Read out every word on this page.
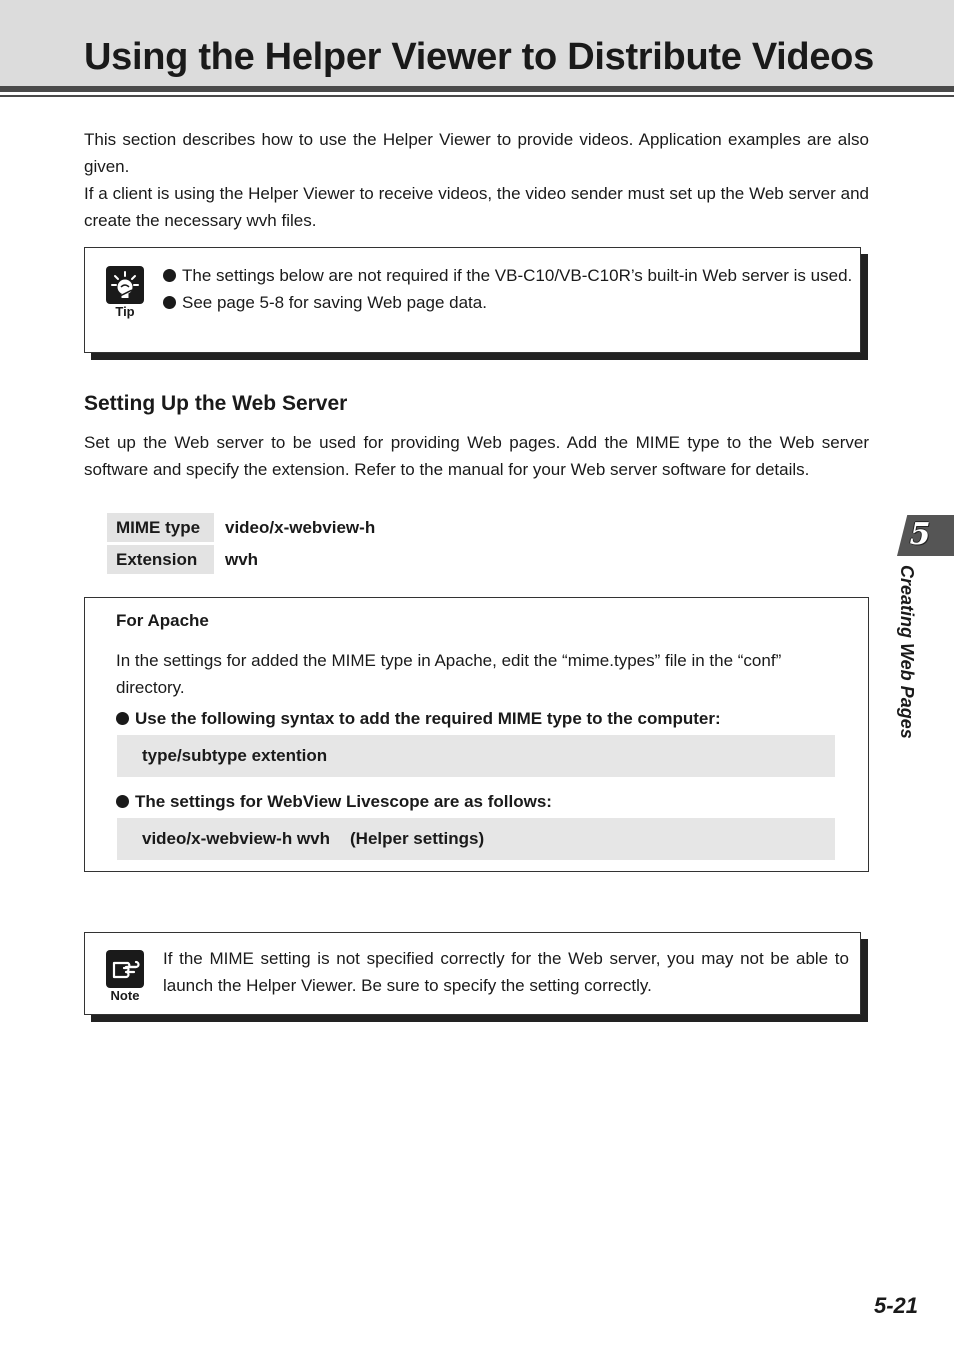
Using the Helper Viewer to Distribute Videos

This section describes how to use the Helper Viewer to provide videos. Application examples are also given.

If a client is using the Helper Viewer to receive videos, the video sender must set up the Web server and create the necessary wvh files.

Tip
The settings below are not required if the VB-C10/VB-C10R’s built-in Web server is used.
See page 5-8 for saving Web page data.
Setting Up the Web Server

Set up the Web server to be used for providing Web pages. Add the MIME type to the Web server software and specify the extension. Refer to the manual for your Web server software for details.

MIME type	video/x-webview-h
Extension	wvh
For Apache
In the settings for added the MIME type in Apache, edit the “mime.types” file in the “conf” directory.
Use the following syntax to add the required MIME type to the computer:
type/subtype extention
The settings for WebView Livescope are as follows:
video/x-webview-h wvh (Helper settings)
Note
If the MIME setting is not specified correctly for the Web server, you may not be able to launch the Helper Viewer. Be sure to specify the setting correctly.
5
Creating Web Pages
5-21
